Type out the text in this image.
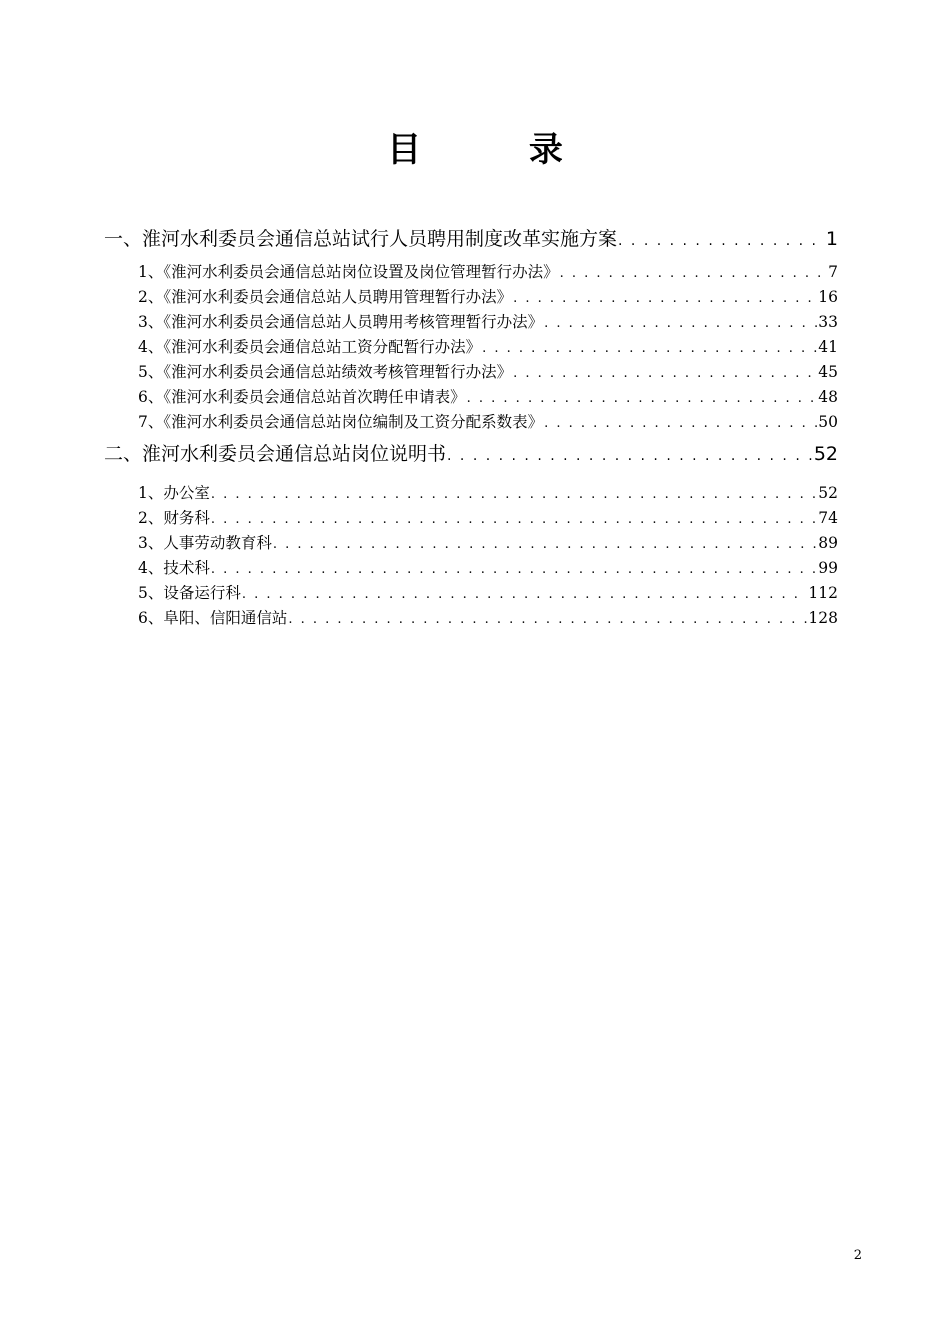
目 录
一、淮河水利委员会通信总站试行人员聘用制度改革实施方案 . . .	1
1、《淮河水利委员会通信总站岗位设置及岗位管理暂行办法》 . . .	7
2、《淮河水利委员会通信总站人员聘用管理暂行办法》 . . .	16
3、《淮河水利委员会通信总站人员聘用考核管理暂行办法》 . . .	33
4、《淮河水利委员会通信总站工资分配暂行办法》 . . .	41
5、《淮河水利委员会通信总站绩效考核管理暂行办法》 . . .	45
6、《淮河水利委员会通信总站首次聘任申请表》 . . .	48
7、《淮河水利委员会通信总站岗位编制及工资分配系数表》 . . .	50
二、淮河水利委员会通信总站岗位说明书 . . .	52
1、办公室 . . .	52
2、财务科 . . .	74
3、人事劳动教育科 . . .	89
4、技术科 . . .	99
5、设备运行科 . . .	112
6、阜阳、信阳通信站 . . .	128
2
